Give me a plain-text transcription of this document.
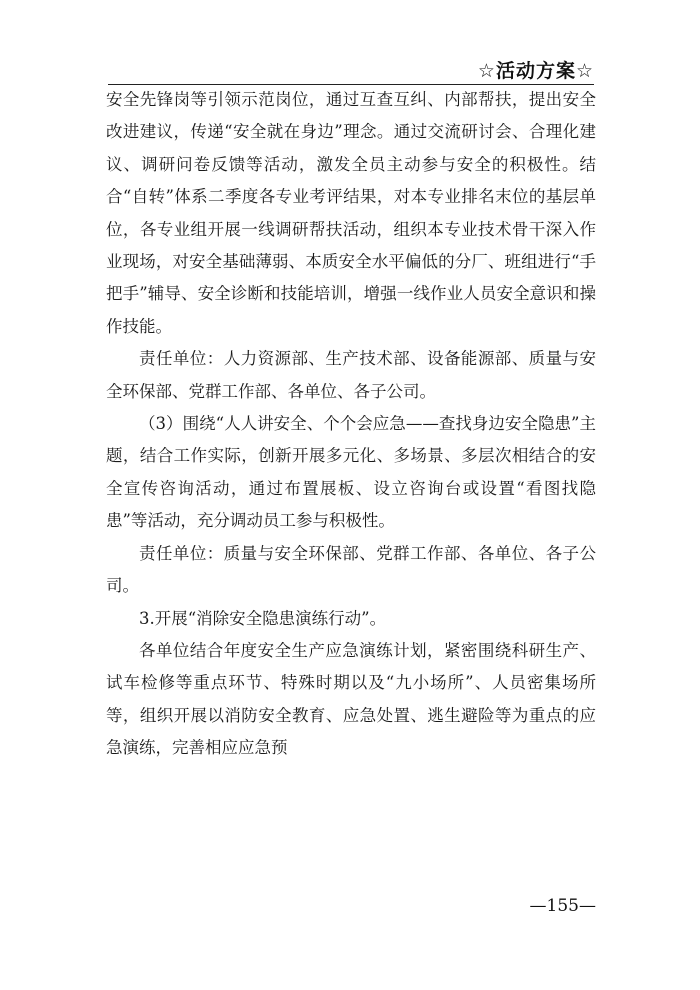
☆活动方案☆

安全先锋岗等引领示范岗位，通过互查互纠、内部帮扶，提出安全改进建议，传递“安全就在身边”理念。通过交流研讨会、合理化建议、调研问卷反馈等活动，激发全员主动参与安全的积极性。结合“自转”体系二季度各专业考评结果，对本专业排名末位的基层单位，各专业组开展一线调研帮扶活动，组织本专业技术骨干深入作业现场，对安全基础薄弱、本质安全水平偏低的分厂、班组进行“手把手”辅导、安全诊断和技能培训，增强一线作业人员安全意识和操作技能。

责任单位：人力资源部、生产技术部、设备能源部、质量与安全环保部、党群工作部、各单位、各子公司。

（3）围绕“人人讲安全、个个会应急——查找身边安全隐患”主题，结合工作实际，创新开展多元化、多场景、多层次相结合的安全宣传咨询活动，通过布置展板、设立咨询台或设置“看图找隐患”等活动，充分调动员工参与积极性。

责任单位：质量与安全环保部、党群工作部、各单位、各子公司。

3.开展“消除安全隐患演练行动”。

各单位结合年度安全生产应急演练计划，紧密围绕科研生产、试车检修等重点环节、特殊时期以及“九小场所”、人员密集场所等，组织开展以消防安全教育、应急处置、逃生避险等为重点的应急演练，完善相应应急预

—155—
